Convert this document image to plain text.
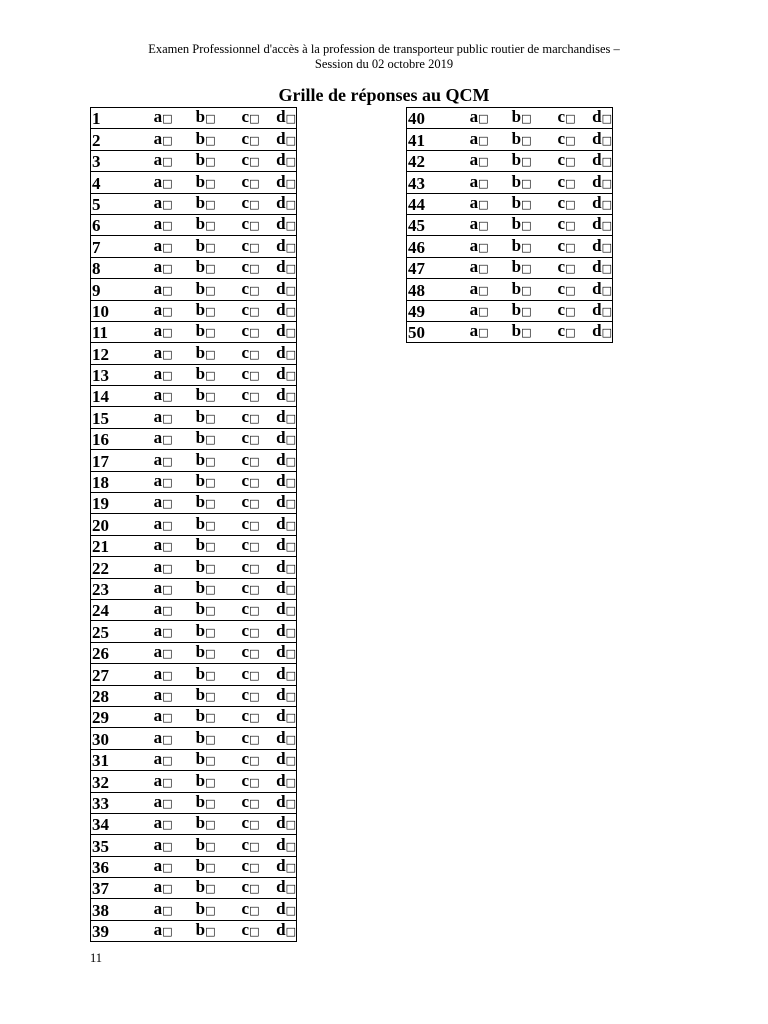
Examen Professionnel d'accès à la profession de transporteur public routier de marchandises –
Session du 02 octobre 2019
Grille de réponses au QCM
1	a□	b□	c□	d□
2	a□	b□	c□	d□
3	a□	b□	c□	d□
4	a□	b□	c□	d□
5	a□	b□	c□	d□
6	a□	b□	c□	d□
7	a□	b□	c□	d□
8	a□	b□	c□	d□
9	a□	b□	c□	d□
10	a□	b□	c□	d□
11	a□	b□	c□	d□
12	a□	b□	c□	d□
13	a□	b□	c□	d□
14	a□	b□	c□	d□
15	a□	b□	c□	d□
16	a□	b□	c□	d□
17	a□	b□	c□	d□
18	a□	b□	c□	d□
19	a□	b□	c□	d□
20	a□	b□	c□	d□
21	a□	b□	c□	d□
22	a□	b□	c□	d□
23	a□	b□	c□	d□
24	a□	b□	c□	d□
25	a□	b□	c□	d□
26	a□	b□	c□	d□
27	a□	b□	c□	d□
28	a□	b□	c□	d□
29	a□	b□	c□	d□
30	a□	b□	c□	d□
31	a□	b□	c□	d□
32	a□	b□	c□	d□
33	a□	b□	c□	d□
34	a□	b□	c□	d□
35	a□	b□	c□	d□
36	a□	b□	c□	d□
37	a□	b□	c□	d□
38	a□	b□	c□	d□
39	a□	b□	c□	d□
40	a□	b□	c□	d□
41	a□	b□	c□	d□
42	a□	b□	c□	d□
43	a□	b□	c□	d□
44	a□	b□	c□	d□
45	a□	b□	c□	d□
46	a□	b□	c□	d□
47	a□	b□	c□	d□
48	a□	b□	c□	d□
49	a□	b□	c□	d□
50	a□	b□	c□	d□
11
